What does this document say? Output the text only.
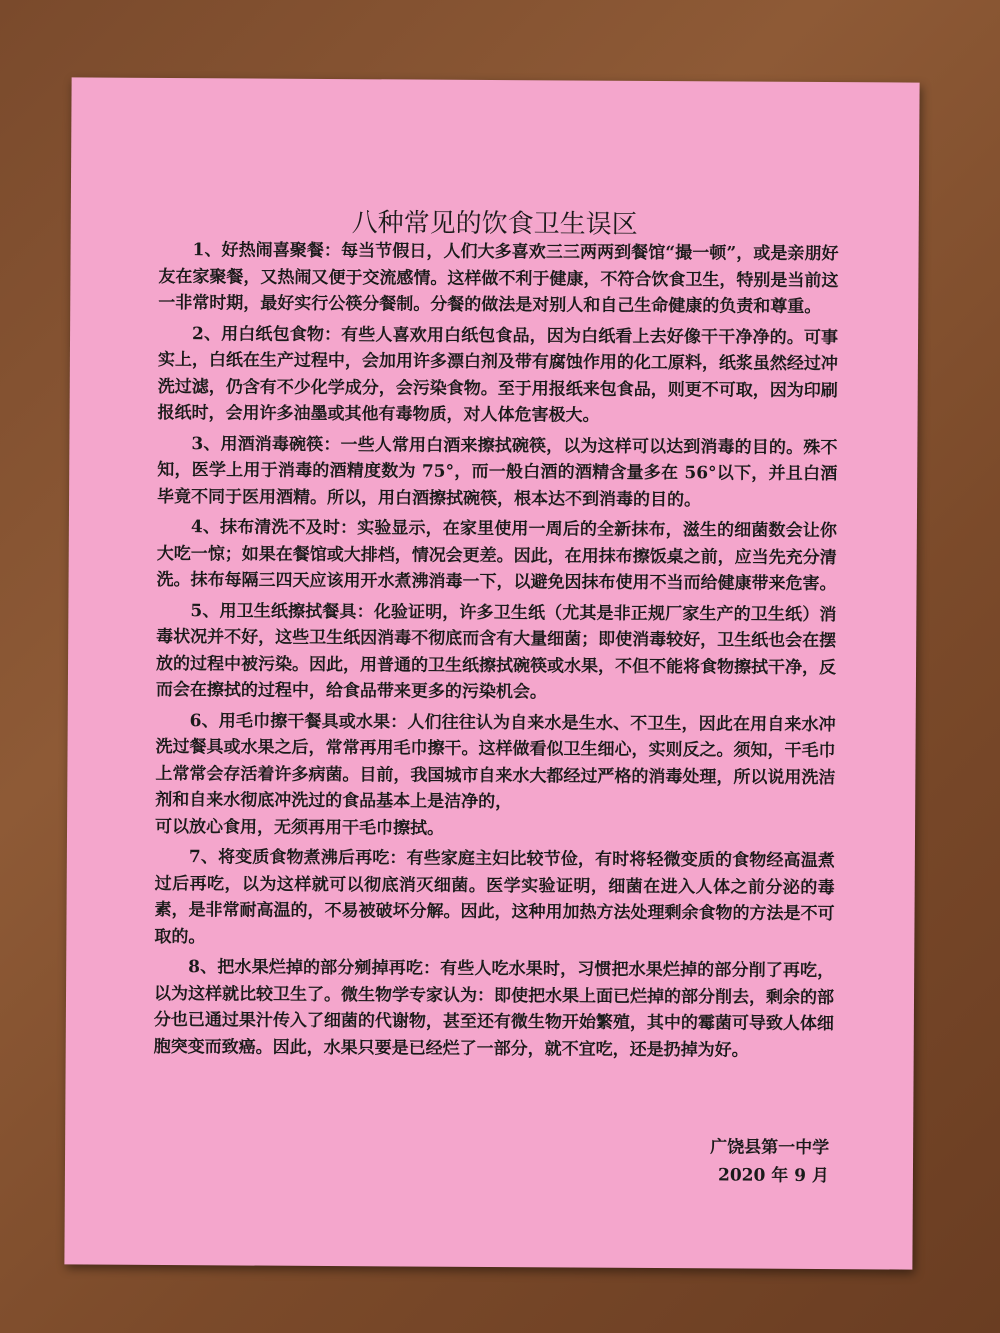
八种常见的饮食卫生误区

1、好热闹喜聚餐：每当节假日，人们大多喜欢三三两两到餐馆“撮一顿”，或是亲朋好友在家聚餐，又热闹又便于交流感情。这样做不利于健康，不符合饮食卫生，特别是当前这一非常时期，最好实行公筷分餐制。分餐的做法是对别人和自己生命健康的负责和尊重。

2、用白纸包食物：有些人喜欢用白纸包食品，因为白纸看上去好像干干净净的。可事实上，白纸在生产过程中，会加用许多漂白剂及带有腐蚀作用的化工原料，纸浆虽然经过冲洗过滤，仍含有不少化学成分，会污染食物。至于用报纸来包食品，则更不可取，因为印刷报纸时，会用许多油墨或其他有毒物质，对人体危害极大。

3、用酒消毒碗筷：一些人常用白酒来擦拭碗筷，以为这样可以达到消毒的目的。殊不知，医学上用于消毒的酒精度数为 75°，而一般白酒的酒精含量多在 56°以下，并且白酒毕竟不同于医用酒精。所以，用白酒擦拭碗筷，根本达不到消毒的目的。

4、抹布清洗不及时：实验显示，在家里使用一周后的全新抹布，滋生的细菌数会让你大吃一惊；如果在餐馆或大排档，情况会更差。因此，在用抹布擦饭桌之前，应当先充分清洗。抹布每隔三四天应该用开水煮沸消毒一下，以避免因抹布使用不当而给健康带来危害。

5、用卫生纸擦拭餐具：化验证明，许多卫生纸（尤其是非正规厂家生产的卫生纸）消毒状况并不好，这些卫生纸因消毒不彻底而含有大量细菌；即使消毒较好，卫生纸也会在摆放的过程中被污染。因此，用普通的卫生纸擦拭碗筷或水果，不但不能将食物擦拭干净，反而会在擦拭的过程中，给食品带来更多的污染机会。

6、用毛巾擦干餐具或水果：人们往往认为自来水是生水、不卫生，因此在用自来水冲洗过餐具或水果之后，常常再用毛巾擦干。这样做看似卫生细心，实则反之。须知，干毛巾上常常会存活着许多病菌。目前，我国城市自来水大都经过严格的消毒处理，所以说用洗洁剂和自来水彻底冲洗过的食品基本上是洁净的，
可以放心食用，无须再用干毛巾擦拭。

7、将变质食物煮沸后再吃：有些家庭主妇比较节俭，有时将轻微变质的食物经高温煮过后再吃，以为这样就可以彻底消灭细菌。医学实验证明，细菌在进入人体之前分泌的毒素，是非常耐高温的，不易被破坏分解。因此，这种用加热方法处理剩余食物的方法是不可取的。

8、把水果烂掉的部分剜掉再吃：有些人吃水果时，习惯把水果烂掉的部分削了再吃，以为这样就比较卫生了。微生物学专家认为：即使把水果上面已烂掉的部分削去，剩余的部分也已通过果汁传入了细菌的代谢物，甚至还有微生物开始繁殖，其中的霉菌可导致人体细胞突变而致癌。因此，水果只要是已经烂了一部分，就不宜吃，还是扔掉为好。

广饶县第一中学
2020 年 9 月
